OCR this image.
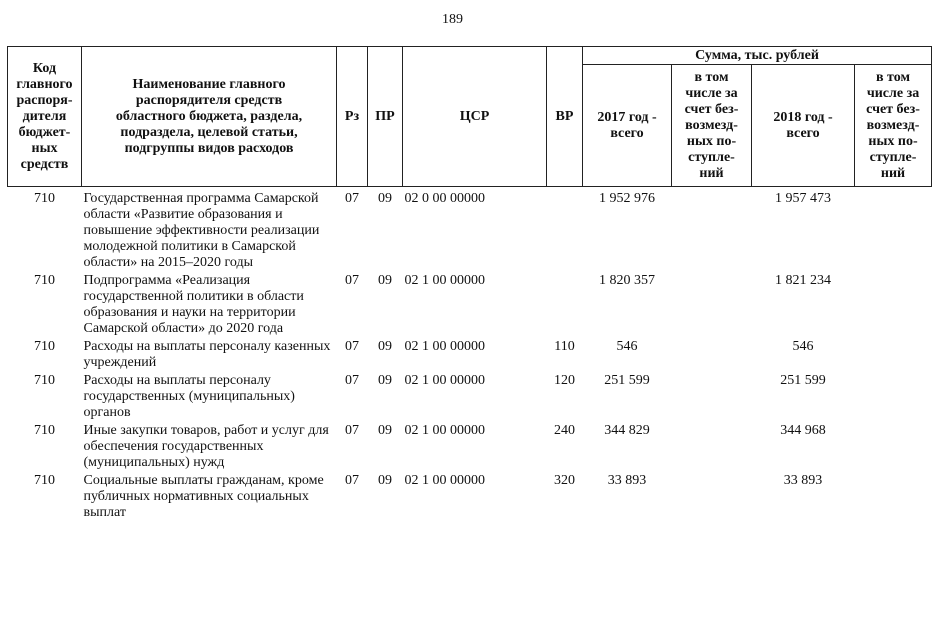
189
Код главного распоря-дителя бюджет-ных средств	Наименование главного распорядителя средств областного бюджета, раздела, подраздела, целевой статьи, подгруппы видов расходов	Рз	ПР	ЦСР	ВР	Сумма, тыс. рублей			
						2017 год - всего	в том числе за счет без-возмезд-ных по-ступле-ний	2018 год - всего	в том числе за счет без-возмезд-ных по-ступле-ний
710	Государственная программа Самарской области «Развитие образования и повышение эффективности реализации молодежной политики в Самарской области» на 2015–2020 годы	07	09	02 0 00 00000		1 952 976		1 957 473	
710	Подпрограмма «Реализация государственной политики в области образования и науки на территории Самарской области» до 2020 года	07	09	02 1 00 00000		1 820 357		1 821 234	
710	Расходы на выплаты персоналу казенных учреждений	07	09	02 1 00 00000	110	546		546	
710	Расходы на выплаты персоналу государственных (муниципальных) органов	07	09	02 1 00 00000	120	251 599		251 599	
710	Иные закупки товаров, работ и услуг для обеспечения государственных (муниципальных) нужд	07	09	02 1 00 00000	240	344 829		344 968	
710	Социальные выплаты гражданам, кроме публичных нормативных социальных выплат	07	09	02 1 00 00000	320	33 893		33 893	
